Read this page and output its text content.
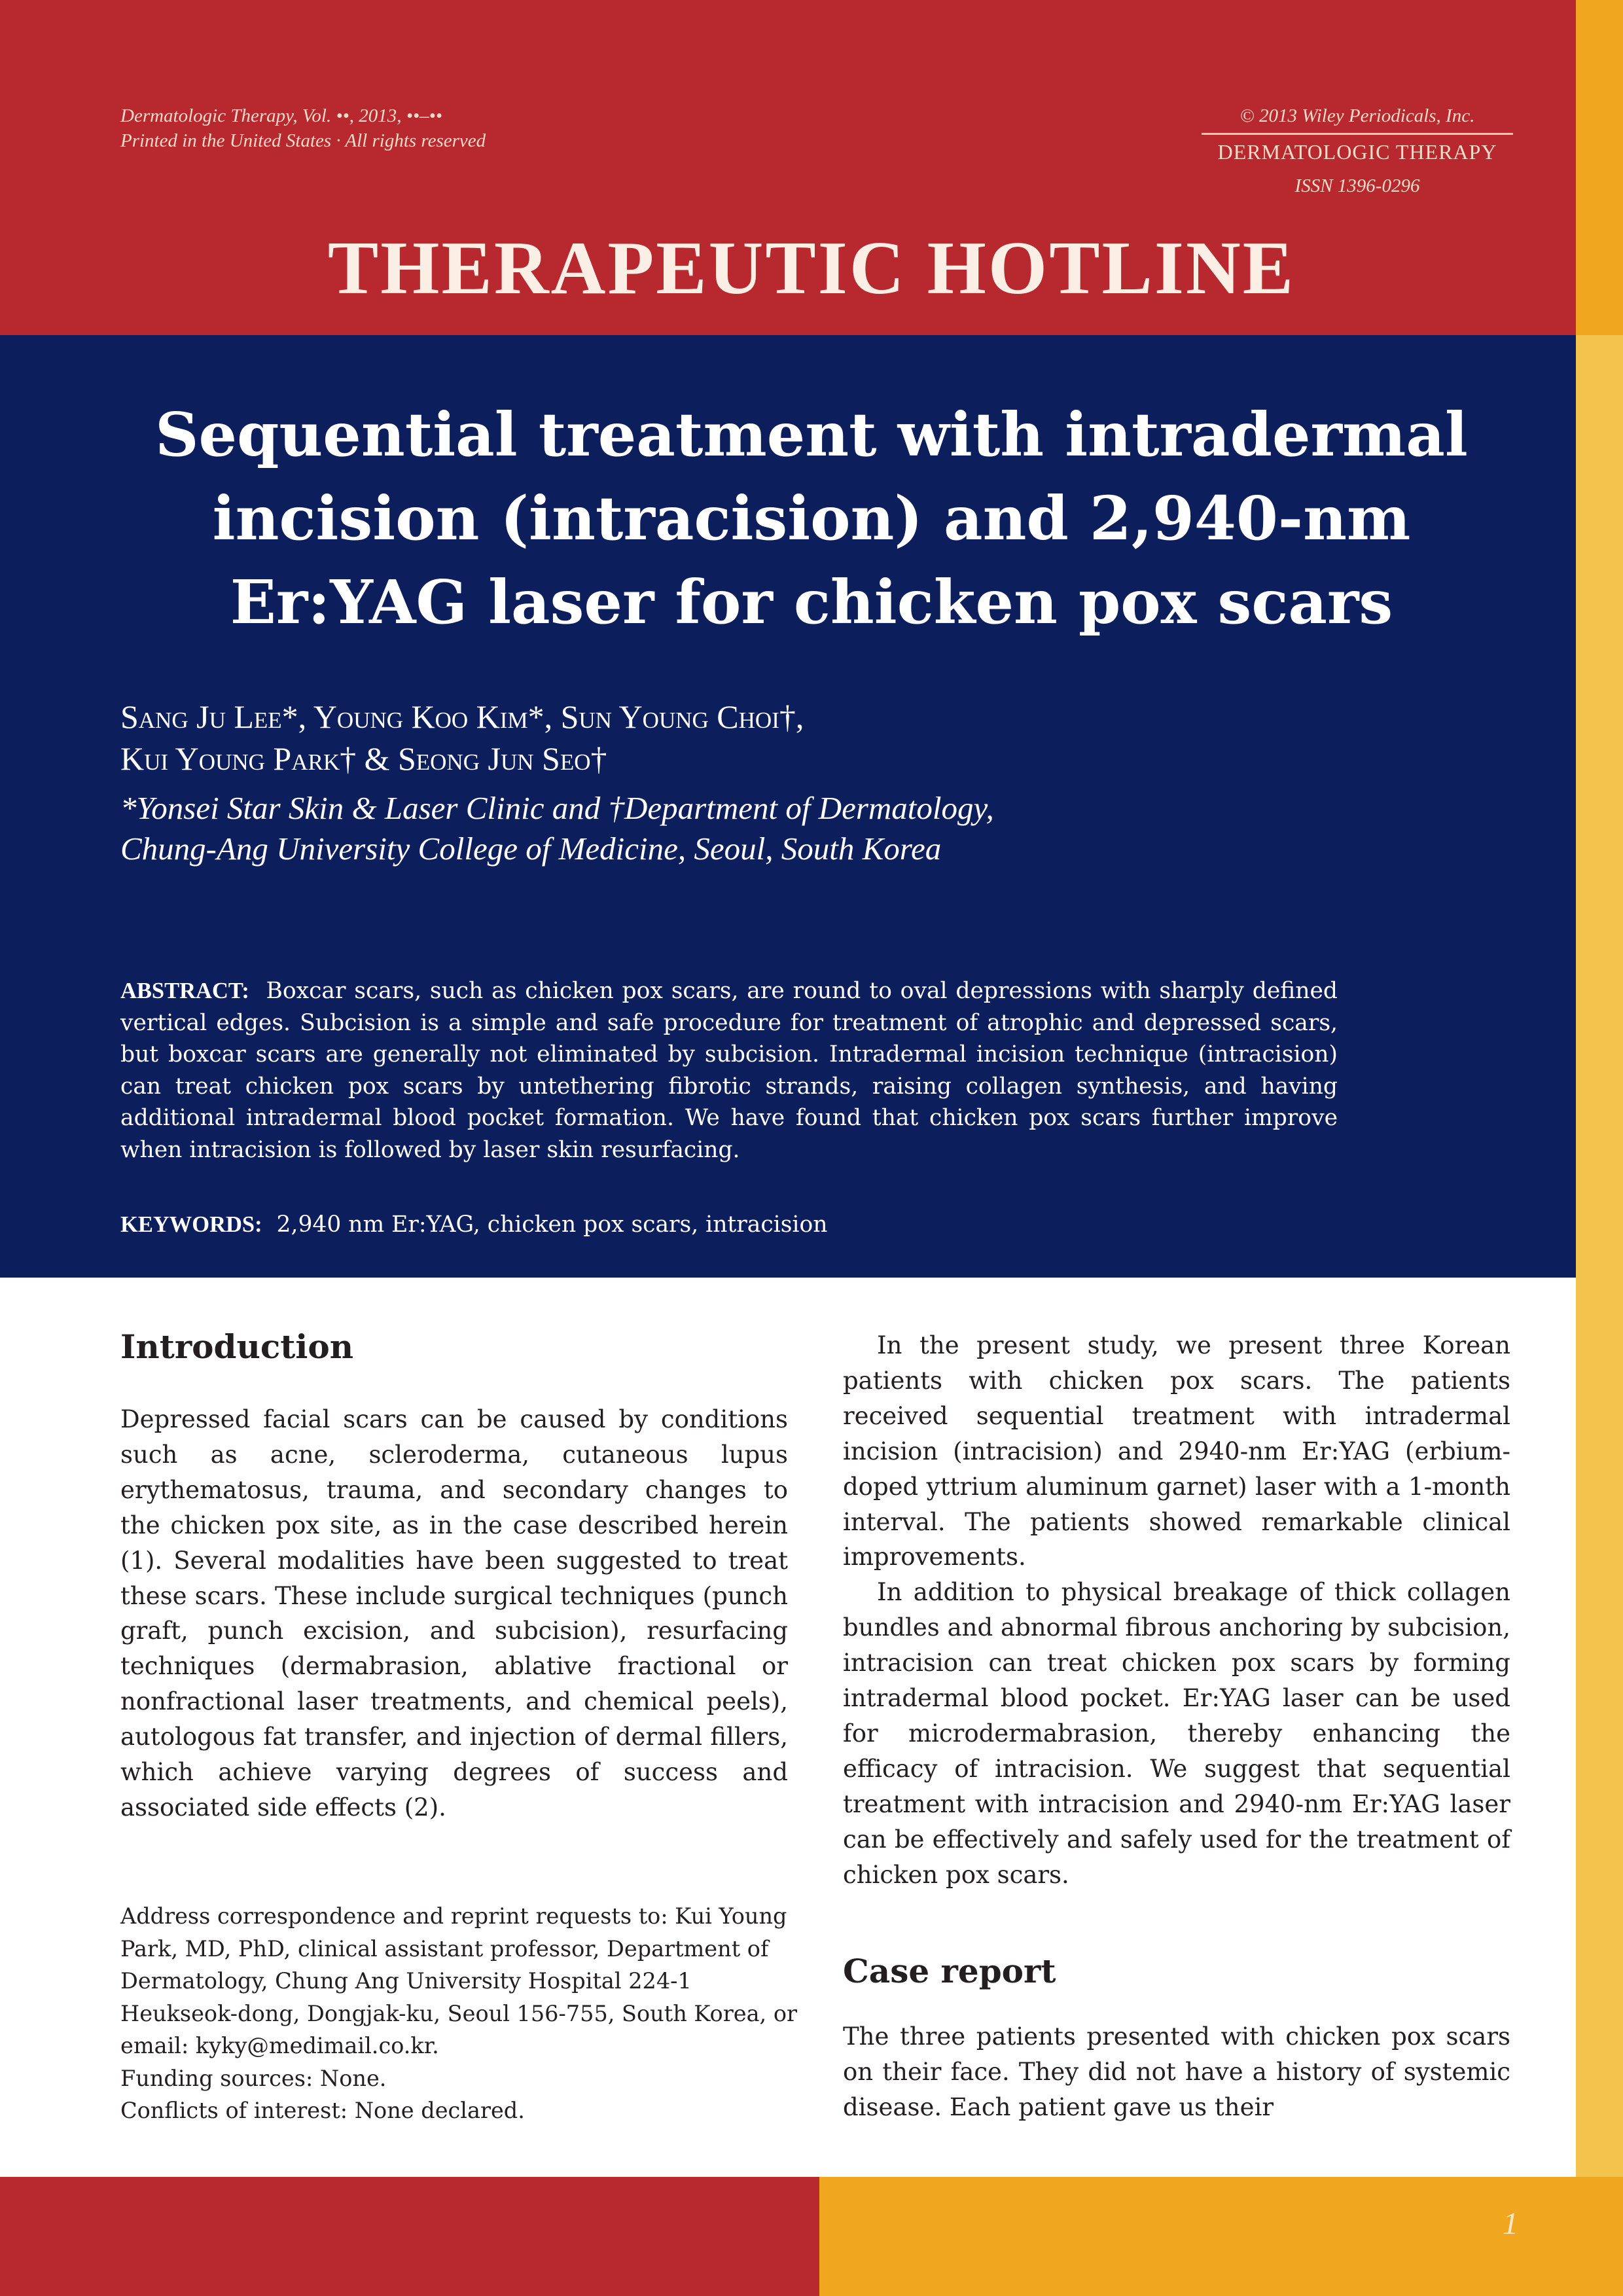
Dermatologic Therapy, Vol. ••, 2013, ••–••
Printed in the United States · All rights reserved
© 2013 Wiley Periodicals, Inc.
DERMATOLOGIC THERAPY
ISSN 1396-0296
THERAPEUTIC HOTLINE
Sequential treatment with intradermal
incision (intracision) and 2,940-nm
Er:YAG laser for chicken pox scars
Sang Ju Lee*, Young Koo Kim*, Sun Young Choi†,
Kui Young Park† & Seong Jun Seo†
*Yonsei Star Skin & Laser Clinic and †Department of Dermatology,
Chung-Ang University College of Medicine, Seoul, South Korea
ABSTRACT: Boxcar scars, such as chicken pox scars, are round to oval depressions with sharply defined vertical edges. Subcision is a simple and safe procedure for treatment of atrophic and depressed scars, but boxcar scars are generally not eliminated by subcision. Intradermal incision technique (intracision) can treat chicken pox scars by untethering fibrotic strands, raising collagen synthesis, and having additional intradermal blood pocket formation. We have found that chicken pox scars further improve when intracision is followed by laser skin resurfacing.
KEYWORDS: 2,940 nm Er:YAG, chicken pox scars, intracision
Introduction

Depressed facial scars can be caused by conditions such as acne, scleroderma, cutaneous lupus erythematosus, trauma, and secondary changes to the chicken pox site, as in the case described herein (1). Several modalities have been suggested to treat these scars. These include surgical techniques (punch graft, punch excision, and subcision), resurfacing techniques (dermabrasion, ablative fractional or nonfractional laser treatments, and chemical peels), autologous fat transfer, and injection of dermal fillers, which achieve varying degrees of success and associated side effects (2).

Address correspondence and reprint requests to: Kui Young
Park, MD, PhD, clinical assistant professor, Department of
Dermatology, Chung Ang University Hospital 224-1
Heukseok-dong, Dongjak-ku, Seoul 156-755, South Korea, or
email: kyky@medimail.co.kr.
Funding sources: None.
Conflicts of interest: None declared.

In the present study, we present three Korean patients with chicken pox scars. The patients received sequential treatment with intradermal incision (intracision) and 2940-nm Er:YAG (erbium-doped yttrium aluminum garnet) laser with a 1-month interval. The patients showed remarkable clinical improvements.

In addition to physical breakage of thick collagen bundles and abnormal fibrous anchoring by subcision, intracision can treat chicken pox scars by forming intradermal blood pocket. Er:YAG laser can be used for microdermabrasion, thereby enhancing the efficacy of intracision. We suggest that sequential treatment with intracision and 2940-nm Er:YAG laser can be effectively and safely used for the treatment of chicken pox scars.

Case report

The three patients presented with chicken pox scars on their face. They did not have a history of systemic disease. Each patient gave us their

1
